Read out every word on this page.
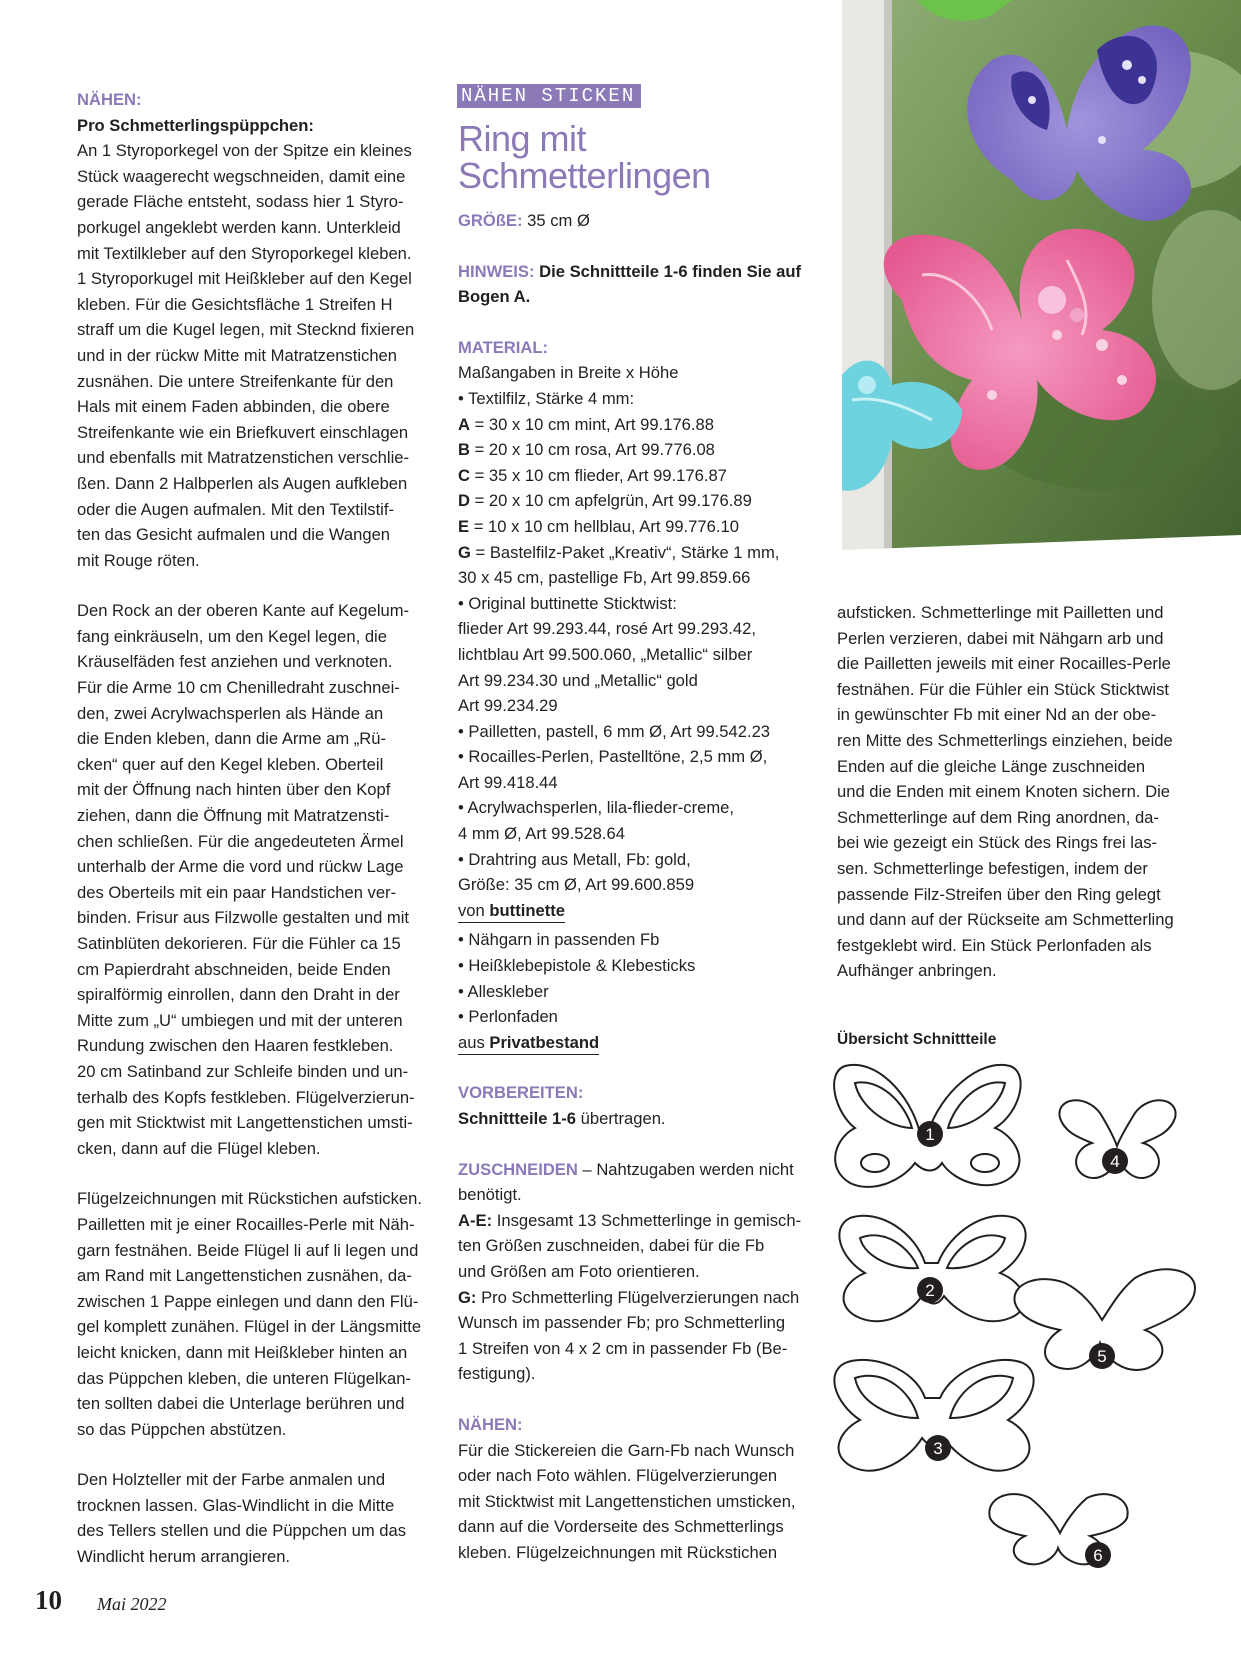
NÄHEN:

Pro Schmetterlingspüppchen:

An 1 Styroporkegel von der Spitze ein kleines

Stück waagerecht wegschneiden, damit eine

gerade Fläche entsteht, sodass hier 1 Styro-

porkugel angeklebt werden kann. Unterkleid

mit Textilkleber auf den Styroporkegel kleben.

1 Styroporkugel mit Heißkleber auf den Kegel

kleben. Für die Gesichtsfläche 1 Streifen H

straff um die Kugel legen, mit Stecknd fixieren

und in der rückw Mitte mit Matratzenstichen

zusnähen. Die untere Streifenkante für den

Hals mit einem Faden abbinden, die obere

Streifenkante wie ein Briefkuvert einschlagen

und ebenfalls mit Matratzenstichen verschlie-

ßen. Dann 2 Halbperlen als Augen aufkleben

oder die Augen aufmalen. Mit den Textilstif-

ten das Gesicht aufmalen und die Wangen

mit Rouge röten.

Den Rock an der oberen Kante auf Kegelum-

fang einkräuseln, um den Kegel legen, die

Kräuselfäden fest anziehen und verknoten.

Für die Arme 10 cm Chenilledraht zuschnei-

den, zwei Acrylwachsperlen als Hände an

die Enden kleben, dann die Arme am „Rü-

cken“ quer auf den Kegel kleben. Oberteil

mit der Öffnung nach hinten über den Kopf

ziehen, dann die Öffnung mit Matratzensti-

chen schließen. Für die angedeuteten Ärmel

unterhalb der Arme die vord und rückw Lage

des Oberteils mit ein paar Handstichen ver-

binden. Frisur aus Filzwolle gestalten und mit

Satinblüten dekorieren. Für die Fühler ca 15

cm Papierdraht abschneiden, beide Enden

spiralförmig einrollen, dann den Draht in der

Mitte zum „U“ umbiegen und mit der unteren

Rundung zwischen den Haaren festkleben.

20 cm Satinband zur Schleife binden und un-

terhalb des Kopfs festkleben. Flügelverzierun-

gen mit Sticktwist mit Langettenstichen umsti-

cken, dann auf die Flügel kleben.

Flügelzeichnungen mit Rückstichen aufsticken.

Pailletten mit je einer Rocailles-Perle mit Näh-

garn festnähen. Beide Flügel li auf li legen und

am Rand mit Langettenstichen zusnähen, da-

zwischen 1 Pappe einlegen und dann den Flü-

gel komplett zunähen. Flügel in der Längsmitte

leicht knicken, dann mit Heißkleber hinten an

das Püppchen kleben, die unteren Flügelkan-

ten sollten dabei die Unterlage berühren und

so das Püppchen abstützen.

Den Holzteller mit der Farbe anmalen und

trocknen lassen. Glas-Windlicht in die Mitte

des Tellers stellen und die Püppchen um das

Windlicht herum arrangieren.

NÄHEN STICKEN
Ring mit
Schmetterlingen

GRÖßE: 35 cm Ø

HINWEIS: Die Schnittteile 1-6 finden Sie auf

Bogen A.

MATERIAL:

Maßangaben in Breite x Höhe

• Textilfilz, Stärke 4 mm:

A = 30 x 10 cm mint, Art 99.176.88

B = 20 x 10 cm rosa, Art 99.776.08

C = 35 x 10 cm flieder, Art 99.176.87

D = 20 x 10 cm apfelgrün, Art 99.176.89

E = 10 x 10 cm hellblau, Art 99.776.10

G = Bastelfilz-Paket „Kreativ“, Stärke 1 mm,

30 x 45 cm, pastellige Fb, Art 99.859.66

• Original buttinette Sticktwist:

flieder Art 99.293.44, rosé Art 99.293.42,

lichtblau Art 99.500.060, „Metallic“ silber

Art 99.234.30 und „Metallic“ gold

Art 99.234.29

• Pailletten, pastell, 6 mm Ø, Art 99.542.23

• Rocailles-Perlen, Pastelltöne, 2,5 mm Ø,

Art 99.418.44

• Acrylwachsperlen, lila-flieder-creme,

4 mm Ø, Art 99.528.64

• Drahtring aus Metall, Fb: gold,

Größe: 35 cm Ø, Art 99.600.859

von buttinette

• Nähgarn in passenden Fb

• Heißklebepistole & Klebesticks

• Alleskleber

• Perlonfaden

aus Privatbestand

VORBEREITEN:

Schnittteile 1-6 übertragen.

ZUSCHNEIDEN – Nahtzugaben werden nicht

benötigt.

A-E: Insgesamt 13 Schmetterlinge in gemisch-

ten Größen zuschneiden, dabei für die Fb

und Größen am Foto orientieren.

G: Pro Schmetterling Flügelverzierungen nach

Wunsch im passender Fb; pro Schmetterling

1 Streifen von 4 x 2 cm in passender Fb (Be-

festigung).

NÄHEN:

Für die Stickereien die Garn-Fb nach Wunsch

oder nach Foto wählen. Flügelverzierungen

mit Sticktwist mit Langettenstichen umsticken,

dann auf die Vorderseite des Schmetterlings

kleben. Flügelzeichnungen mit Rückstichen

aufsticken. Schmetterlinge mit Pailletten und

Perlen verzieren, dabei mit Nähgarn arb und

die Pailletten jeweils mit einer Rocailles-Perle

festnähen. Für die Fühler ein Stück Sticktwist

in gewünschter Fb mit einer Nd an der obe-

ren Mitte des Schmetterlings einziehen, beide

Enden auf die gleiche Länge zuschneiden

und die Enden mit einem Knoten sichern. Die

Schmetterlinge auf dem Ring anordnen, da-

bei wie gezeigt ein Stück des Rings frei las-

sen. Schmetterlinge befestigen, indem der

passende Filz-Streifen über den Ring gelegt

und dann auf der Rückseite am Schmetterling

festgeklebt wird. Ein Stück Perlonfaden als

Aufhänger anbringen.

Übersicht Schnittteile
1
2
3
4
5
6
10 Mai 2022
